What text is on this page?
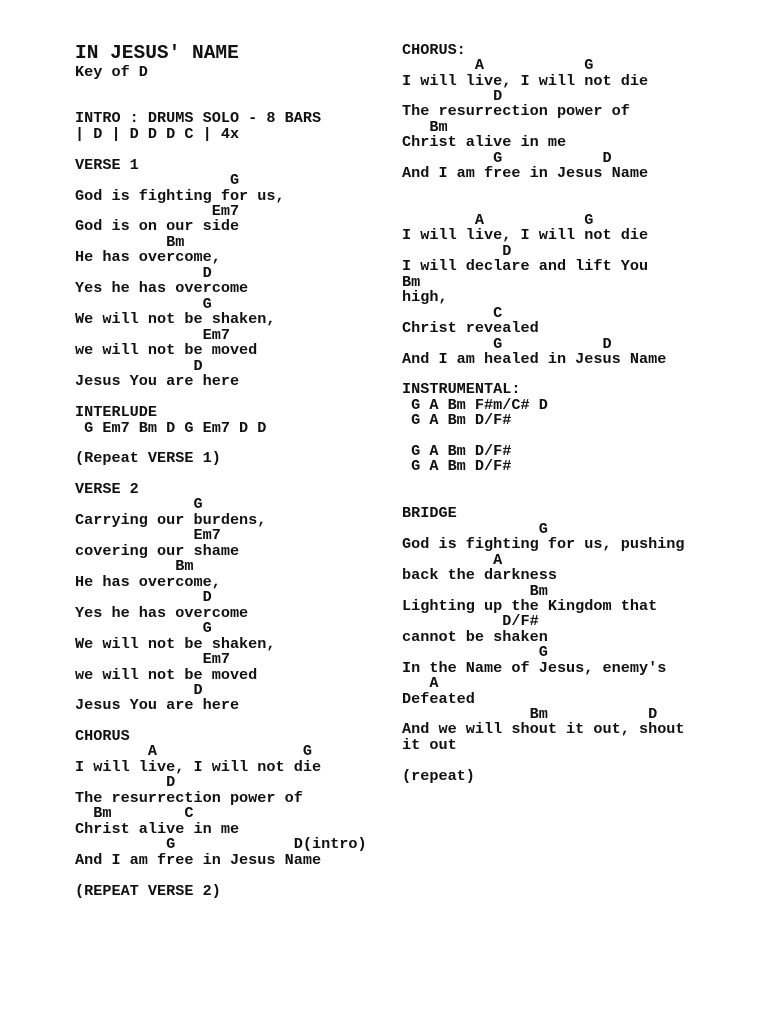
IN JESUS' NAME
Key of D
INTRO : DRUMS SOLO - 8 BARS
| D | D D D C | 4x
VERSE 1
G
God is fighting for us,
Em7
God is on our side
Bm
He has overcome,
D
Yes he has overcome
G
We will not be shaken,
Em7
we will not be moved
D
Jesus You are here
INTERLUDE
G Em7 Bm D G Em7 D D
(Repeat VERSE 1)
VERSE 2
G
Carrying our burdens,
Em7
covering our shame
Bm
He has overcome,
D
Yes he has overcome
G
We will not be shaken,
Em7
we will not be moved
D
Jesus You are here
CHORUS
A                G
I will live, I will not die
D
The resurrection power of
Bm        C
Christ alive in me
G             D(intro)
And I am free in Jesus Name
(REPEAT VERSE 2)
CHORUS:
A           G
I will live, I will not die
D
The resurrection power of
Bm
Christ alive in me
G           D
And I am free in Jesus Name
A           G
I will live, I will not die
D
I will declare and lift You
Bm
high,
C
Christ revealed
G           D
And I am healed in Jesus Name
INSTRUMENTAL:
G A Bm F#m/C# D
G A Bm D/F#
G A Bm D/F#
G A Bm D/F#
BRIDGE
G
God is fighting for us, pushing
A
back the darkness
Bm
Lighting up the Kingdom that
D/F#
cannot be shaken
G
In the Name of Jesus, enemy's
A
Defeated
Bm           D
And we will shout it out, shout
it out
(repeat)
